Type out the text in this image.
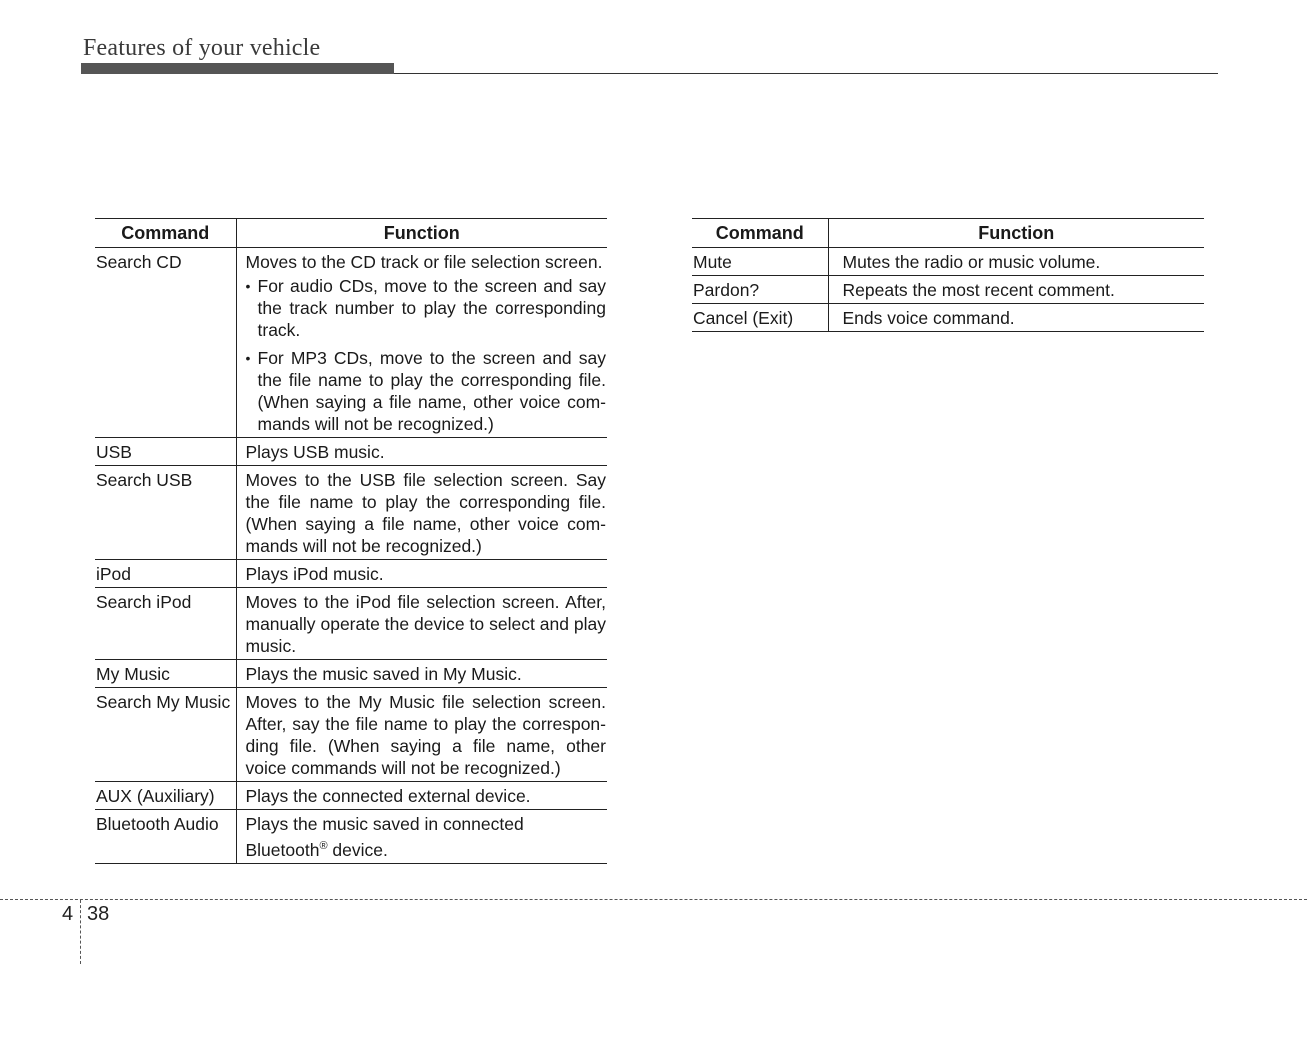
Features of your vehicle
Command	Function
Search CD	Moves to the CD track or file selection screen.
• For audio CDs, move to the screen and say the track number to play the corresponding track.
• For MP3 CDs, move to the screen and say the file name to play the corresponding file. (When saying a file name, other voice com- mands will not be recognized.)

USB	Plays USB music.
Search USB	Moves to the USB file selection screen. Say the file name to play the corresponding file. (When saying a file name, other voice com- mands will not be recognized.)
iPod	Plays iPod music.
Search iPod	Moves to the iPod file selection screen. After, manually operate the device to select and play music.
My Music	Plays the music saved in My Music.
Search My Music	Moves to the My Music file selection screen. After, say the file name to play the correspon- ding file. (When saying a file name, other voice commands will not be recognized.)
AUX (Auxiliary)	Plays the connected external device.
Bluetooth Audio	Plays the music saved in connected Bluetooth® device.
Command	Function
Mute	Mutes the radio or music volume.
Pardon?	Repeats the most recent comment.
Cancel (Exit)	Ends voice command.
4 38
